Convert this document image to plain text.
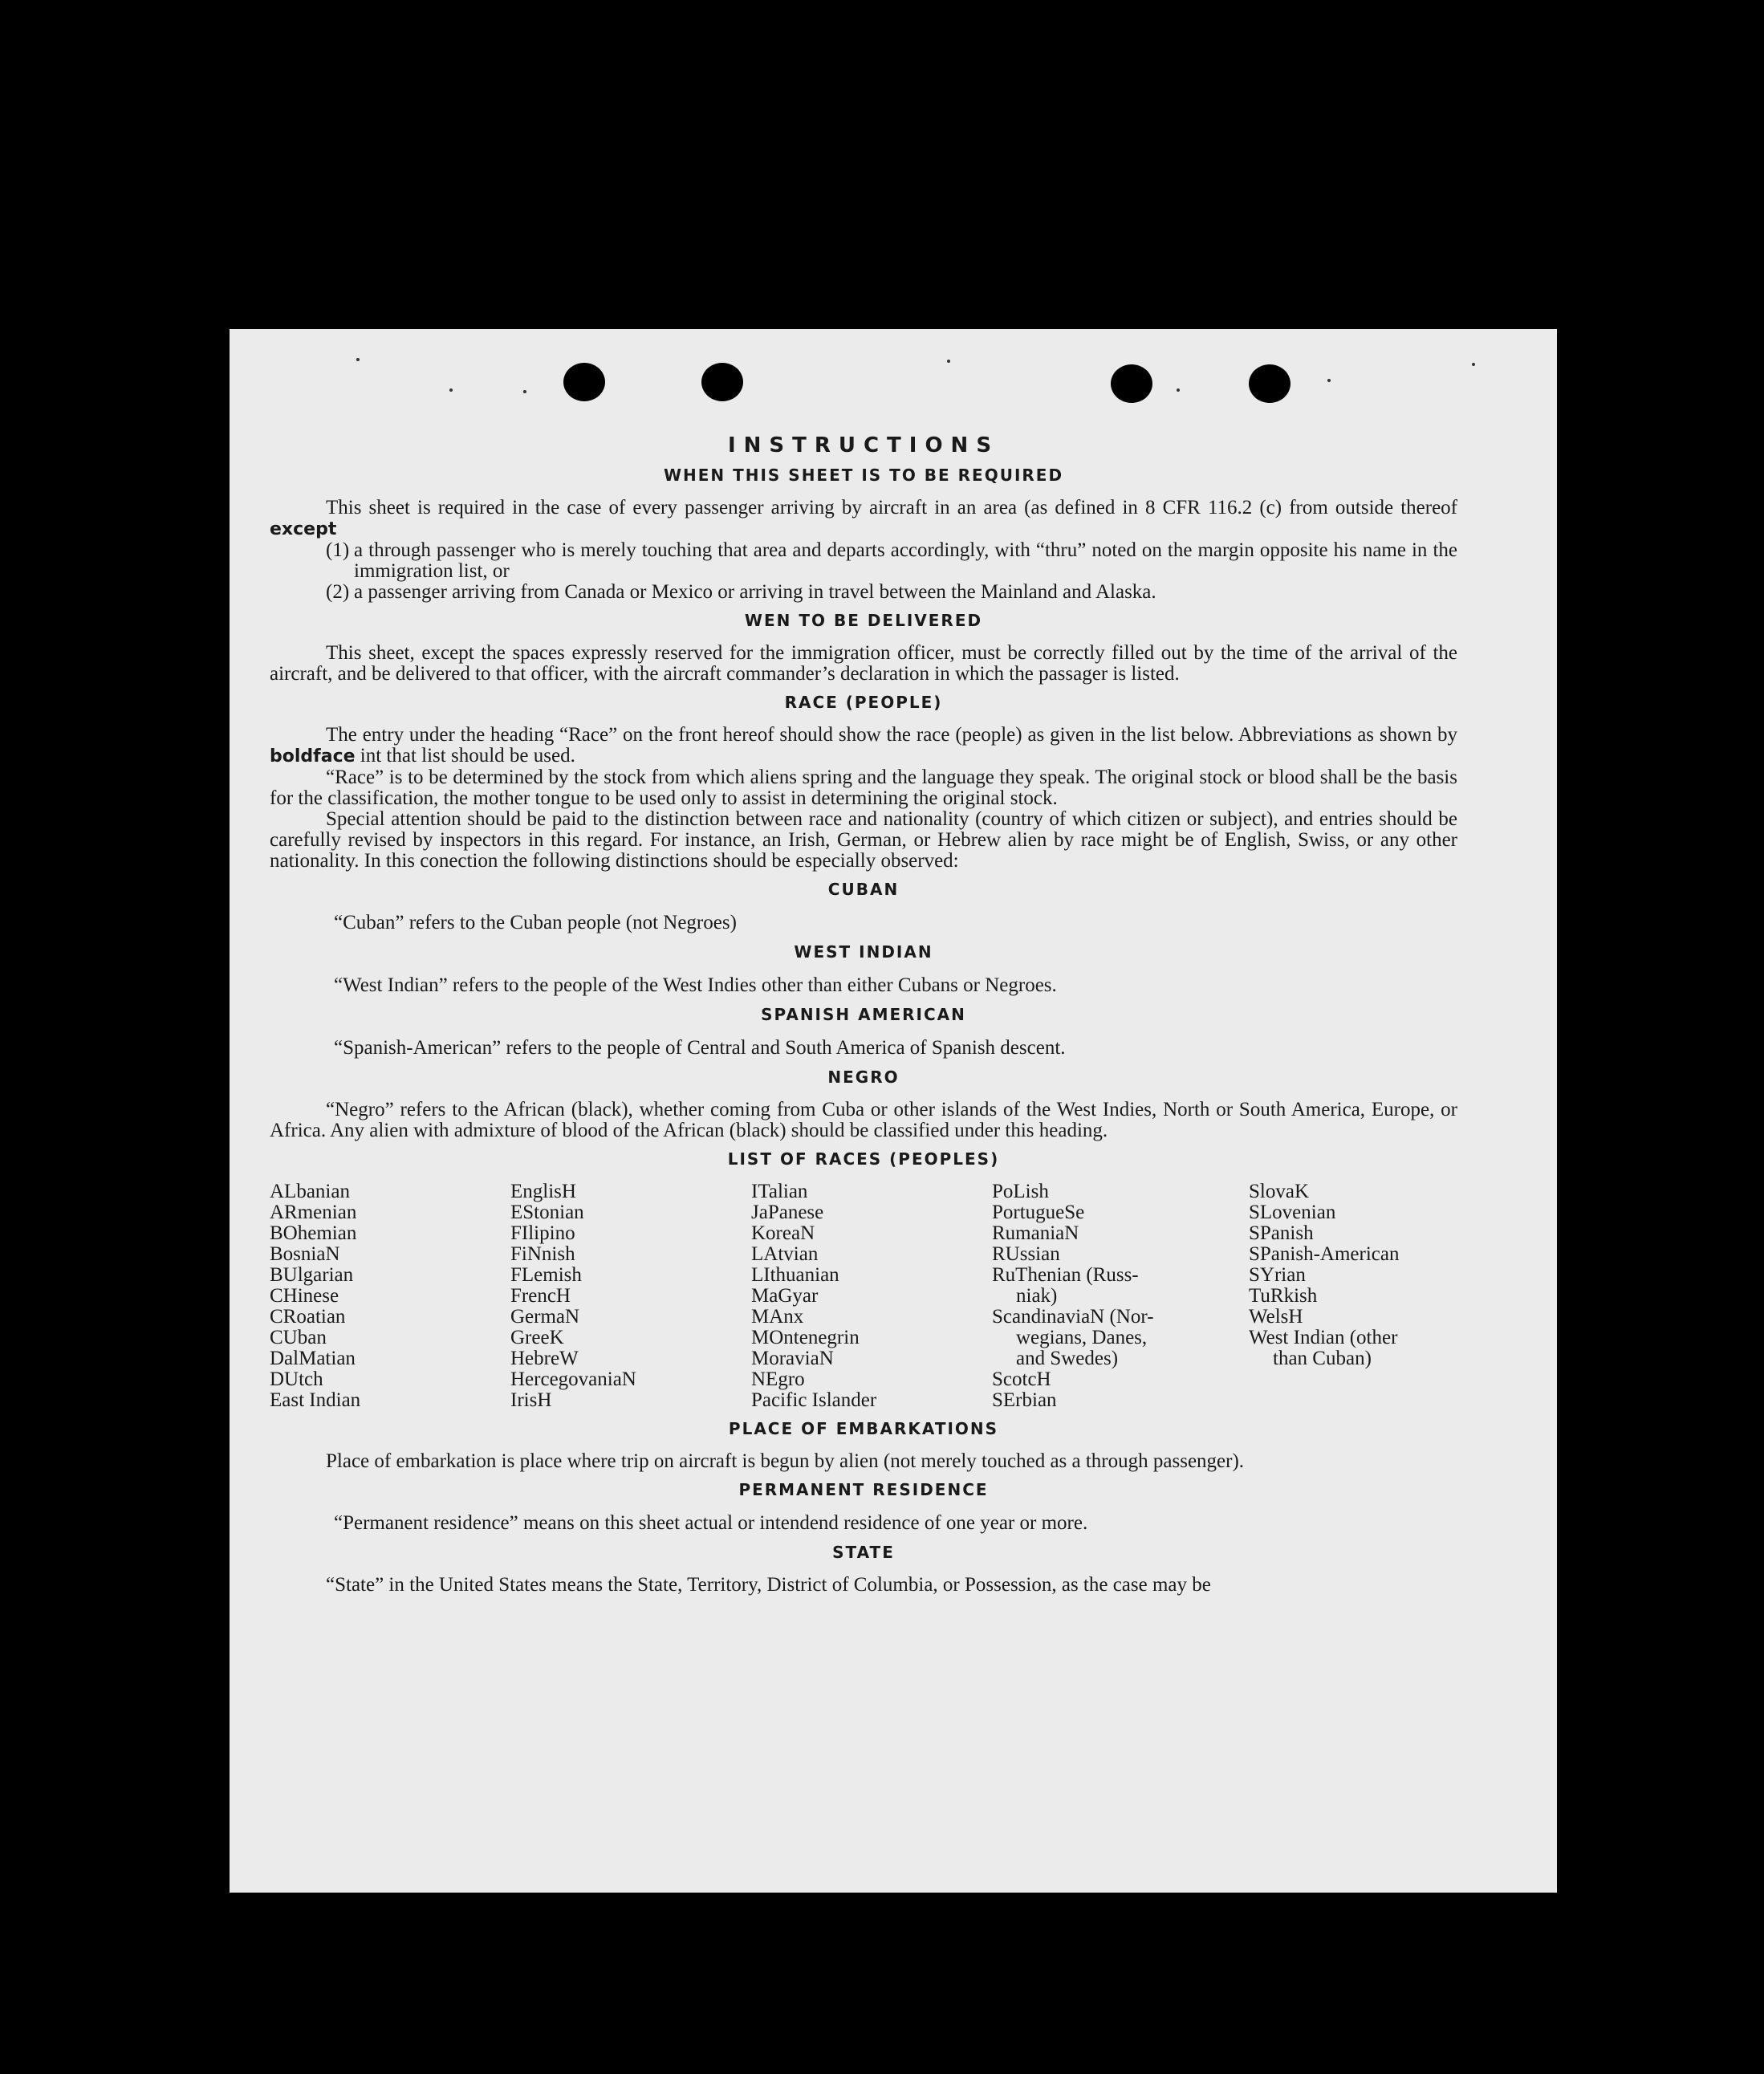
INSTRUCTIONS
WHEN THIS SHEET IS TO BE REQUIRED

This sheet is required in the case of every passenger arriving by aircraft in an area (as defined in 8 CFR 116.2 (c) from outside thereof except

(1) a through passenger who is merely touching that area and departs accordingly, with “thru” noted on the margin opposite his name in the immigration list, or

(2) a passenger arriving from Canada or Mexico or arriving in travel between the Mainland and Alaska.

WEN TO BE DELIVERED

This sheet, except the spaces expressly reserved for the immigration officer, must be correctly filled out by the time of the arrival of the aircraft, and be delivered to that officer, with the aircraft commander’s declaration in which the passager is listed.

RACE (PEOPLE)

The entry under the heading “Race” on the front hereof should show the race (people) as given in the list below. Abbreviations as shown by boldface int that list should be used.

“Race” is to be determined by the stock from which aliens spring and the language they speak. The original stock or blood shall be the basis for the classification, the mother tongue to be used only to assist in determining the original stock.

Special attention should be paid to the distinction between race and nationality (country of which citizen or subject), and entries should be carefully revised by inspectors in this regard. For instance, an Irish, German, or Hebrew alien by race might be of English, Swiss, or any other nationality. In this conection the following distinctions should be especially observed:

CUBAN
“Cuban” refers to the Cuban people (not Negroes)
WEST INDIAN
“West Indian” refers to the people of the West Indies other than either Cubans or Negroes.
SPANISH AMERICAN
“Spanish-American” refers to the people of Central and South America of Spanish descent.
NEGRO

“Negro” refers to the African (black), whether coming from Cuba or other islands of the West Indies, North or South America, Europe, or Africa. Any alien with admixture of blood of the African (black) should be classified under this heading.

LIST OF RACES (PEOPLES)
ALbanian
ARmenian
BOhemian
BosniaN
BUlgarian
CHinese
CRoatian
CUban
DalMatian
DUtch
East Indian
EnglisH
EStonian
FIlipino
FiNnish
FLemish
FrencH
GermaN
GreeK
HebreW
HercegovaniaN
IrisH
ITalian
JaPanese
KoreaN
LAtvian
LIthuanian
MaGyar
MAnx
MOntenegrin
MoraviaN
NEgro
Pacific Islander
PoLish
PortugueSe
RumaniaN
RUssian
RuThenian (Russ-
niak)
ScandinaviaN (Nor-
wegians, Danes,
and Swedes)
ScotcH
SErbian
SlovaK
SLovenian
SPanish
SPanish-American
SYrian
TuRkish
WelsH
West Indian (other
than Cuban)
PLACE OF EMBARKATIONS

Place of embarkation is place where trip on aircraft is begun by alien (not merely touched as a through passenger).

PERMANENT RESIDENCE
“Permanent residence” means on this sheet actual or intendend residence of one year or more.
STATE

“State” in the United States means the State, Territory, District of Columbia, or Possession, as the case may be
